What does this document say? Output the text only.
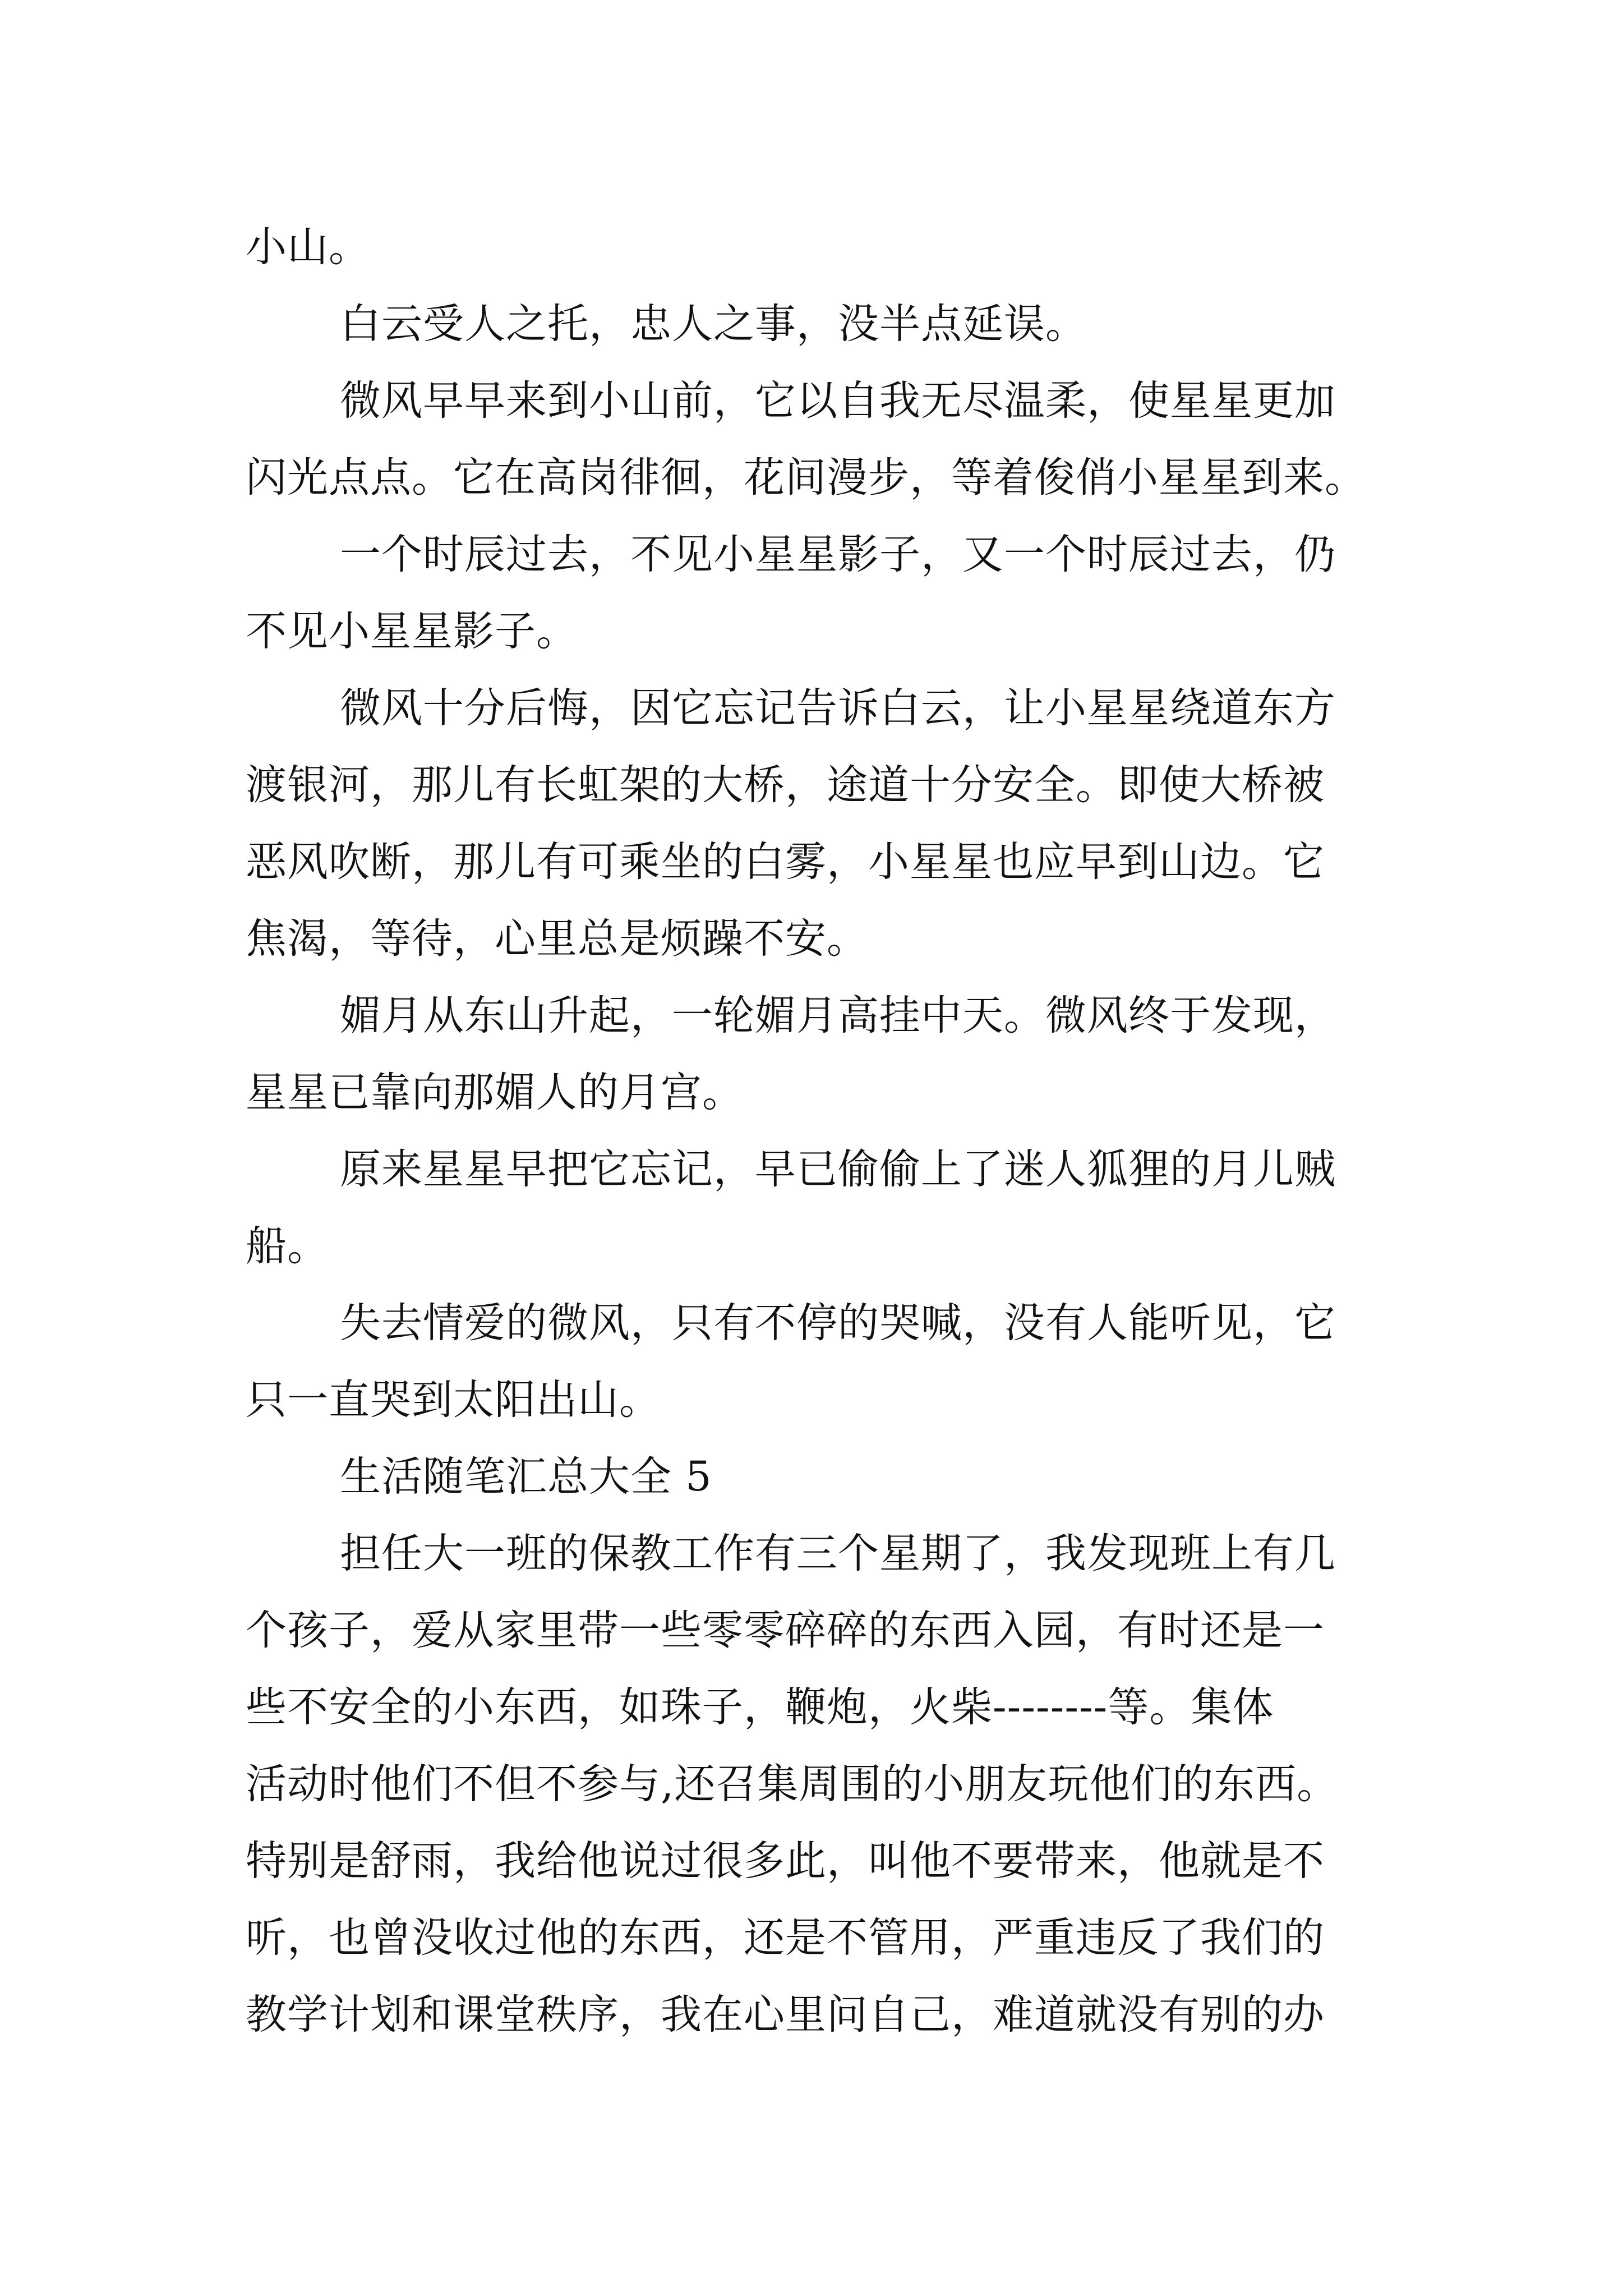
小山。
白云受人之托，忠人之事，没半点延误。
微风早早来到小山前，它以自我无尽温柔，使星星更加
闪光点点。它在高岗徘徊，花间漫步，等着俊俏小星星到来。
一个时辰过去，不见小星星影子，又一个时辰过去，仍
不见小星星影子。
微风十分后悔，因它忘记告诉白云，让小星星绕道东方
渡银河，那儿有长虹架的大桥，途道十分安全。即使大桥被
恶风吹断，那儿有可乘坐的白雾，小星星也应早到山边。它
焦渴，等待，心里总是烦躁不安。
媚月从东山升起，一轮媚月高挂中天。微风终于发现，
星星已靠向那媚人的月宫。
原来星星早把它忘记，早已偷偷上了迷人狐狸的月儿贼
船。
失去情爱的微风，只有不停的哭喊，没有人能听见，它
只一直哭到太阳出山。
生活随笔汇总大全 5
担任大一班的保教工作有三个星期了，我发现班上有几
个孩子，爱从家里带一些零零碎碎的东西入园，有时还是一
些不安全的小东西，如珠子，鞭炮，火柴--------等。集体
活动时他们不但不参与,还召集周围的小朋友玩他们的东西。
特别是舒雨，我给他说过很多此，叫他不要带来，他就是不
听，也曾没收过他的东西，还是不管用，严重违反了我们的
教学计划和课堂秩序，我在心里问自己，难道就没有别的办
